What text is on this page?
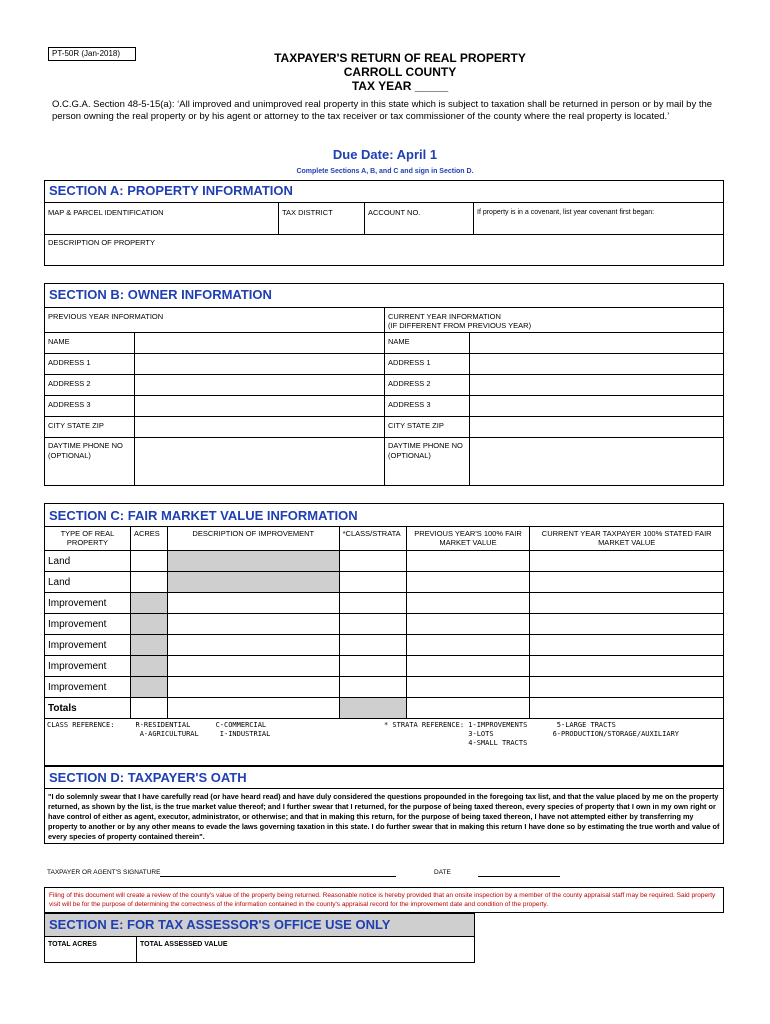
PT-50R (Jan-2018)	TAXPAYER'S RETURN OF REAL PROPERTY
CARROLL COUNTY
TAX YEAR _____
O.C.G.A. Section 48-5-15(a): ‘All improved and unimproved real property in this state which is subject to taxation shall be returned in person or by mail by the person owning the real property or by his agent or attorney to the tax receiver or tax commissioner of the county where the real property is located.’
Due Date: April 1
Complete Sections A, B, and C and sign in Section D.
SECTION A: PROPERTY INFORMATION
MAP & PARCEL IDENTIFICATION	TAX DISTRICT	ACCOUNT NO.	If property is in a covenant, list year covenant first began:
DESCRIPTION OF PROPERTY
SECTION B: OWNER INFORMATION
PREVIOUS YEAR INFORMATION	CURRENT YEAR INFORMATION
(IF DIFFERENT FROM PREVIOUS YEAR)
NAME	NAME
ADDRESS 1	ADDRESS 1
ADDRESS 2	ADDRESS 2
ADDRESS 3	ADDRESS 3
CITY STATE ZIP	CITY STATE ZIP
DAYTIME PHONE NO
(OPTIONAL)
DAYTIME PHONE NO
(OPTIONAL)
SECTION C: FAIR MARKET VALUE INFORMATION
TYPE OF REAL PROPERTY	ACRES	DESCRIPTION OF IMPROVEMENT	*CLASS/STRATA	PREVIOUS YEAR'S 100% FAIR MARKET VALUE	CURRENT YEAR TAXPAYER 100% STATED FAIR MARKET VALUE
Land					
Land					
Improvement					
Improvement					
Improvement					
Improvement					
Improvement					
Totals					
CLASS REFERENCE:     R-RESIDENTIAL      C-COMMERCIAL
A-AGRICULTURAL     I-INDUSTRIAL
* STRATA REFERENCE: 1-IMPROVEMENTS       5-LARGE TRACTS
3-LOTS              6-PRODUCTION/STORAGE/AUXILIARY
4-SMALL TRACTS
SECTION D: TAXPAYER'S OATH
"I do solemnly swear that I have carefully read (or have heard read) and have duly considered the questions propounded in the foregoing tax list, and that the value placed by me on the property returned, as shown by the list, is the true market value thereof; and I further swear that I returned, for the purpose of being taxed thereon, every species of property that I own in my own right or have control of either as agent, executor, administrator, or otherwise; and that in making this return, for the purpose of being taxed thereon, I have not attempted either by transferring my property to another or by any other means to evade the laws governing taxation in this state. I do further swear that in making this return I have done so by estimating the true worth and value of every species of property contained therein".
TAXPAYER OR AGENT'S SIGNATURE	DATE
Filing of this document will create a review of the county's value of the property being returned. Reasonable notice is hereby provided that an onsite inspection by a member of the county appraisal staff may be required. Said property visit will be for the purpose of determining the correctness of the information contained in the county's appraisal record for the improvement date and condition of the property.
SECTION E: FOR TAX ASSESSOR'S OFFICE USE ONLY
TOTAL ACRES	TOTAL ASSESSED VALUE
